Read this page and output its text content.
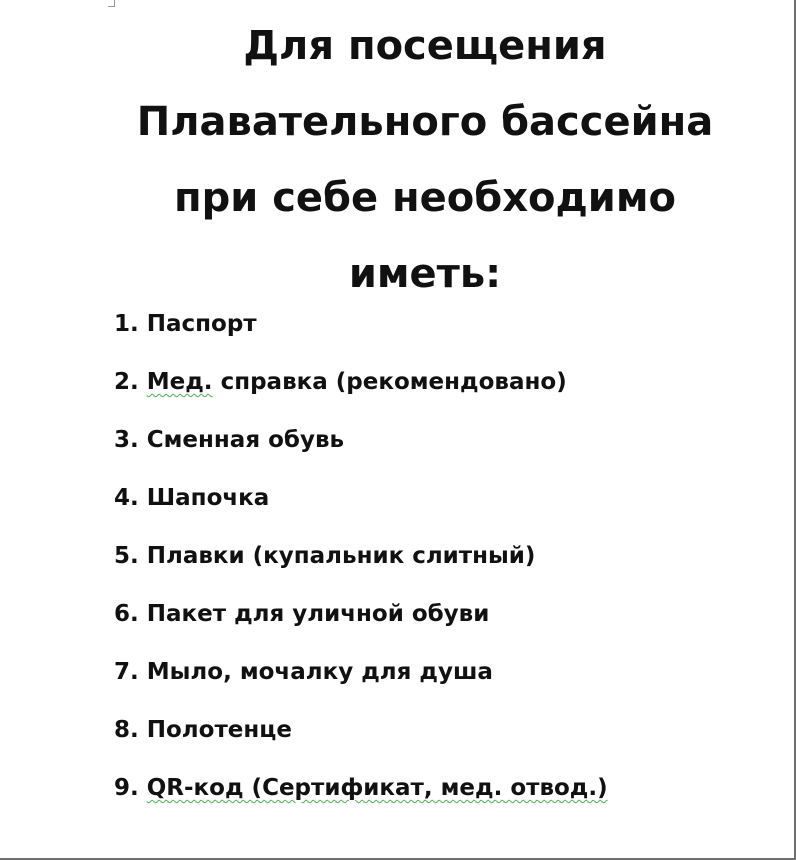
Для посещения
Плавательного бассейна
при себе необходимо
иметь:
1. Паспорт
2. Мед. справка (рекомендовано)
3. Сменная обувь
4. Шапочка
5. Плавки (купальник слитный)
6. Пакет для уличной обуви
7. Мыло, мочалку для душа
8. Полотенце
9. QR-код (Сертификат, мед. отвод.)
